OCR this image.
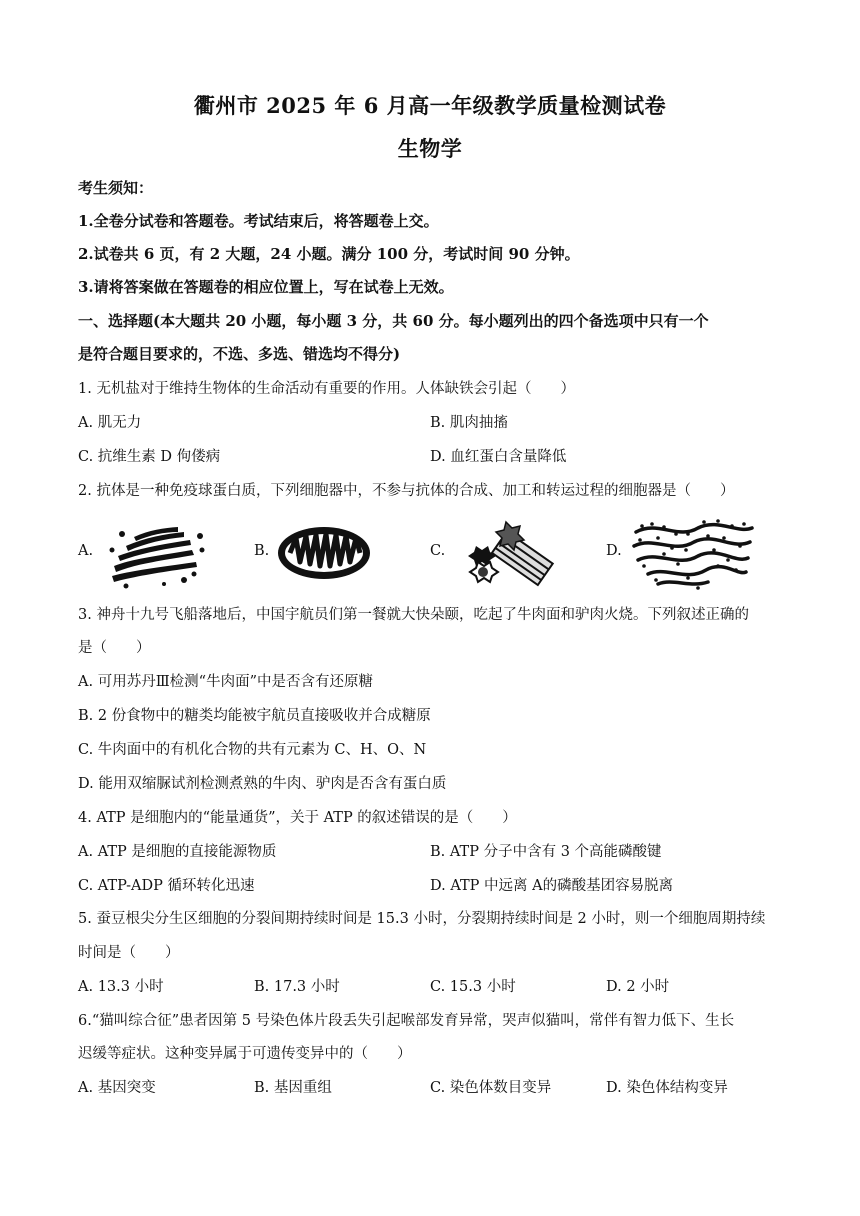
衢州市 2025 年 6 月高一年级教学质量检测试卷
生物学
考生须知：
1.全卷分试卷和答题卷。考试结束后，将答题卷上交。
2.试卷共 6 页，有 2 大题，24 小题。满分 100 分，考试时间 90 分钟。
3.请将答案做在答题卷的相应位置上，写在试卷上无效。
一、选择题(本大题共 20 小题，每小题 3 分，共 60 分。每小题列出的四个备选项中只有一个
是符合题目要求的，不选、多选、错选均不得分)
1. 无机盐对于维持生物体的生命活动有重要的作用。人体缺铁会引起（　　）
A. 肌无力	B. 肌肉抽搐
C. 抗维生素 D 佝偻病	D. 血红蛋白含量降低
2. 抗体是一种免疫球蛋白质，下列细胞器中，不参与抗体的合成、加工和转运过程的细胞器是（　　）
A.	B.	C.	D.
3. 神舟十九号飞船落地后，中国宇航员们第一餐就大快朵颐，吃起了牛肉面和驴肉火烧。下列叙述正确的
是（　　）
A. 可用苏丹Ⅲ检测“牛肉面”中是否含有还原糖
B. 2 份食物中的糖类均能被宇航员直接吸收并合成糖原
C. 牛肉面中的有机化合物的共有元素为 C、H、O、N
D. 能用双缩脲试剂检测煮熟的牛肉、驴肉是否含有蛋白质
4. ATP 是细胞内的“能量通货”，关于 ATP 的叙述错误的是（　　）
A. ATP 是细胞的直接能源物质	B. ATP 分子中含有 3 个高能磷酸键
C. ATP-ADP 循环转化迅速	D. ATP 中远离 A的磷酸基团容易脱离
5. 蚕豆根尖分生区细胞的分裂间期持续时间是 15.3 小时，分裂期持续时间是 2 小时，则一个细胞周期持续
时间是（　　）
A. 13.3 小时	B. 17.3 小时	C. 15.3 小时	D. 2 小时
6.“猫叫综合征”患者因第 5 号染色体片段丢失引起喉部发育异常，哭声似猫叫，常伴有智力低下、生长
迟缓等症状。这种变异属于可遗传变异中的（　　）
A. 基因突变	B. 基因重组	C. 染色体数目变异	D. 染色体结构变异
